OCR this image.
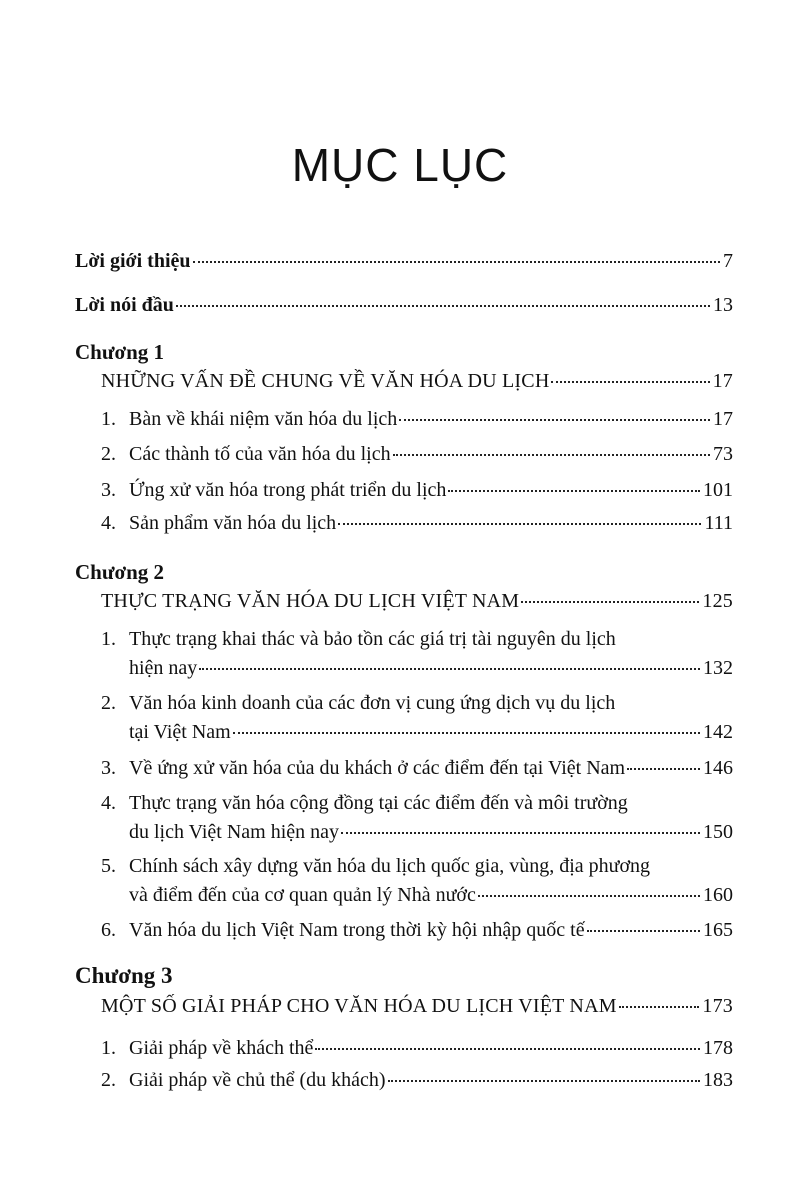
MỤC LỤC
Lời giới thiệu	7
Lời nói đầu	13
Chương 1
NHỮNG VẤN ĐỀ CHUNG VỀ VĂN HÓA DU LỊCH	17
1. Bàn về khái niệm văn hóa du lịch	17
2. Các thành tố của văn hóa du lịch	73
3. Ứng xử văn hóa trong phát triển du lịch	101
4. Sản phẩm văn hóa du lịch	111
Chương 2
THỰC TRẠNG VĂN HÓA DU LỊCH VIỆT NAM	125
1. Thực trạng khai thác và bảo tồn các giá trị tài nguyên du lịch
hiện nay	132
2. Văn hóa kinh doanh của các đơn vị cung ứng dịch vụ du lịch
tại Việt Nam	142
3. Về ứng xử văn hóa của du khách ở các điểm đến tại Việt Nam	146
4. Thực trạng văn hóa cộng đồng tại các điểm đến và môi trường
du lịch Việt Nam hiện nay	150
5. Chính sách xây dựng văn hóa du lịch quốc gia, vùng, địa phương
và điểm đến của cơ quan quản lý Nhà nước	160
6. Văn hóa du lịch Việt Nam trong thời kỳ hội nhập quốc tế	165
Chương 3
MỘT SỐ GIẢI PHÁP CHO VĂN HÓA DU LỊCH VIỆT NAM	173
1. Giải pháp về khách thể	178
2. Giải pháp về chủ thể (du khách)	183
